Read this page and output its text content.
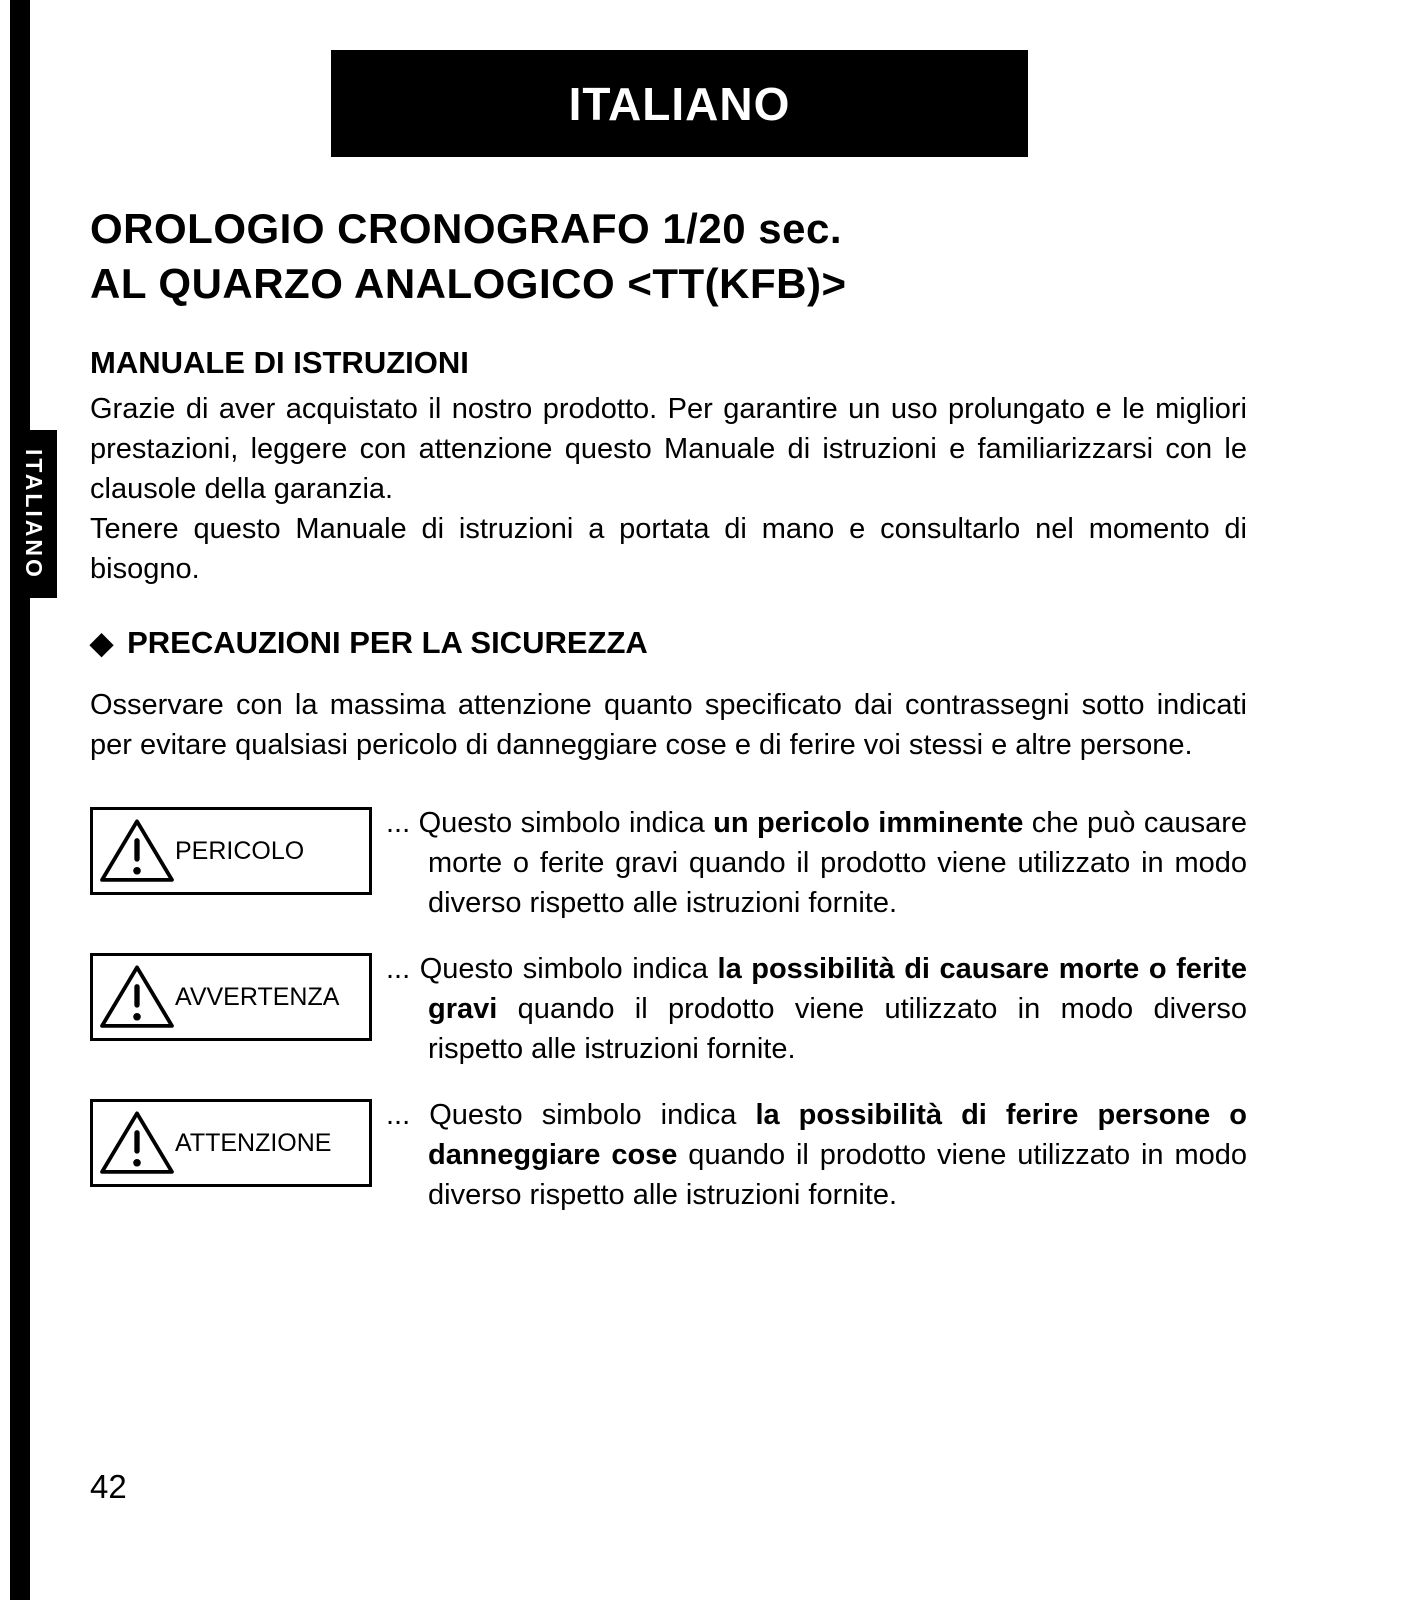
ITALIANO
ITALIANO
OROLOGIO CRONOGRAFO 1/20 sec.
AL QUARZO ANALOGICO <TT(KFB)>
MANUALE DI ISTRUZIONI

Grazie di aver acquistato il nostro prodotto. Per garantire un uso prolungato e le migliori prestazioni, leggere con attenzione questo Manuale di istruzioni e familiarizzarsi con le clausole della garanzia.

Tenere questo Manuale di istruzioni a portata di mano e consultarlo nel momento di bisogno.

◆ PRECAUZIONI PER LA SICUREZZA

Osservare con la massima attenzione quanto specificato dai contrassegni sotto indicati per evitare qualsiasi pericolo di danneggiare cose e di ferire voi stessi e altre persone.

PERICOLO

... Questo simbolo indica un pericolo imminente che può causare morte o ferite gravi quando il prodotto viene utilizzato in modo diverso rispetto alle istruzioni fornite.

AVVERTENZA

... Questo simbolo indica la possibilità di causare morte o ferite gravi quando il prodotto viene utilizzato in modo diverso rispetto alle istruzioni fornite.

ATTENZIONE

... Questo simbolo indica la possibilità di ferire persone o danneggiare cose quando il prodotto viene utilizzato in modo diverso rispetto alle istruzioni fornite.

42
